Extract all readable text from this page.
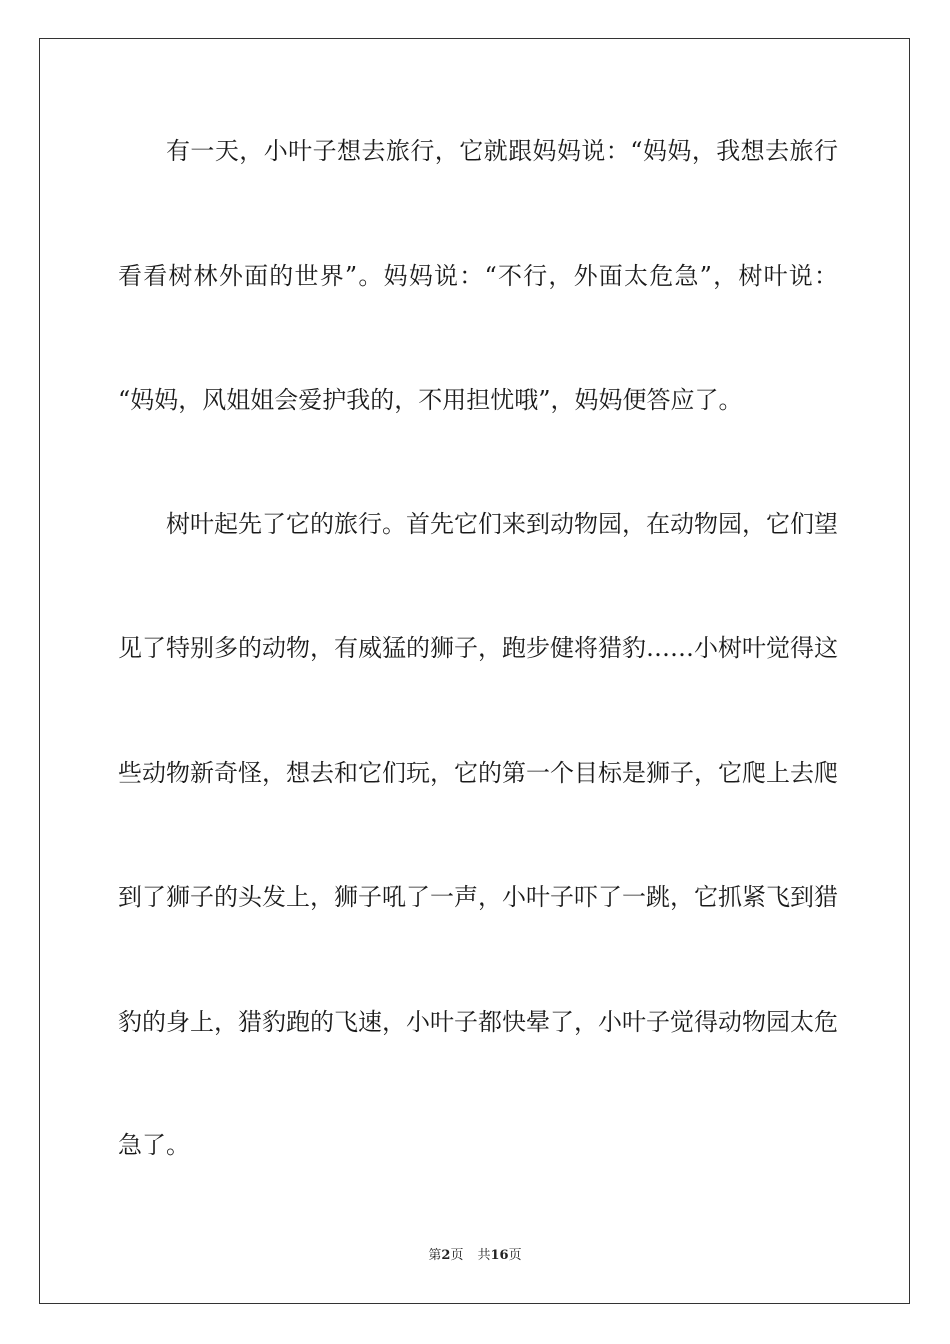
有一天，小叶子想去旅行，它就跟妈妈说：“妈妈，我想去旅行
看看树林外面的世界”。妈妈说：“不行，外面太危急”，树叶说：
“妈妈，风姐姐会爱护我的，不用担忧哦”，妈妈便答应了。
树叶起先了它的旅行。首先它们来到动物园，在动物园，它们望
见了特别多的动物，有威猛的狮子，跑步健将猎豹……小树叶觉得这
些动物新奇怪，想去和它们玩，它的第一个目标是狮子，它爬上去爬
到了狮子的头发上，狮子吼了一声，小叶子吓了一跳，它抓紧飞到猎
豹的身上，猎豹跑的飞速，小叶子都快晕了，小叶子觉得动物园太危
急了。
第2页 共16页
